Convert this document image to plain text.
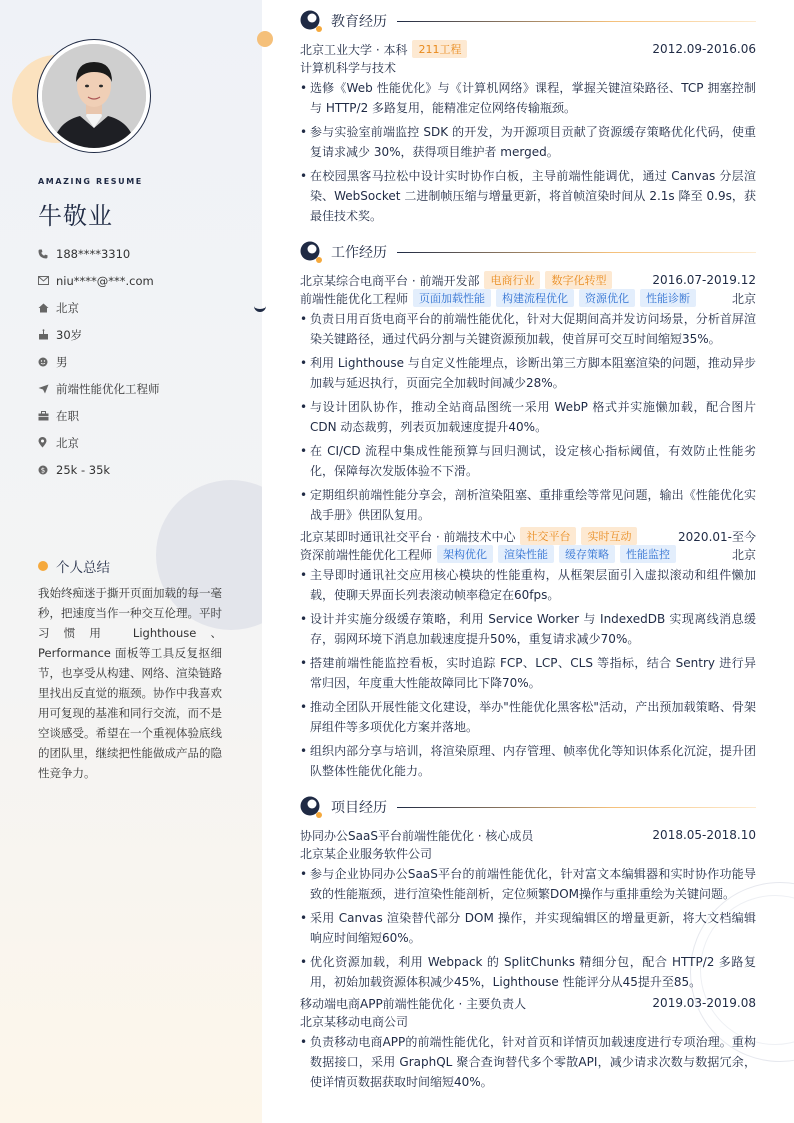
AMAZING RESUME
牛敬业
188****3310
niu****@***.com
北京
30岁
男
前端性能优化工程师
在职
北京
$ 25k - 35k
个人总结
我始终痴迷于撕开页面加载的每一毫秒，把速度当作一种交互伦理。平时习惯用 Lighthouse、Performance 面板等工具反复抠细节，也享受从构建、网络、渲染链路里找出反直觉的瓶颈。协作中我喜欢用可复现的基准和同行交流，而不是空谈感受。希望在一个重视体验底线的团队里，继续把性能做成产品的隐性竞争力。
教育经历
北京工业大学 · 本科	211工程	2012.09-2016.06
计算机科学与技术
• 选修《Web 性能优化》与《计算机网络》课程，掌握关键渲染路径、TCP 拥塞控制与 HTTP/2 多路复用，能精准定位网络传输瓶颈。
• 参与实验室前端监控 SDK 的开发，为开源项目贡献了资源缓存策略优化代码，使重复请求减少 30%，获得项目维护者 merged。
• 在校园黑客马拉松中设计实时协作白板，主导前端性能调优，通过 Canvas 分层渲染、WebSocket 二进制帧压缩与增量更新，将首帧渲染时间从 2.1s 降至 0.9s，获最佳技术奖。
工作经历
北京某综合电商平台 · 前端开发部	电商行业	数字化转型	2016.07-2019.12
前端性能优化工程师	页面加载性能	构建流程优化	资源优化	性能诊断	北京
• 负责日用百货电商平台的前端性能优化，针对大促期间高并发访问场景，分析首屏渲染关键路径，通过代码分割与关键资源预加载，使首屏可交互时间缩短35%。
• 利用 Lighthouse 与自定义性能埋点，诊断出第三方脚本阻塞渲染的问题，推动异步加载与延迟执行，页面完全加载时间减少28%。
• 与设计团队协作，推动全站商品图统一采用 WebP 格式并实施懒加载，配合图片 CDN 动态裁剪，列表页加载速度提升40%。
• 在 CI/CD 流程中集成性能预算与回归测试，设定核心指标阈值，有效防止性能劣化，保障每次发版体验不下滑。
• 定期组织前端性能分享会，剖析渲染阻塞、重排重绘等常见问题，输出《性能优化实战手册》供团队复用。
北京某即时通讯社交平台 · 前端技术中心	社交平台	实时互动	2020.01-至今
资深前端性能优化工程师	架构优化	渲染性能	缓存策略	性能监控	北京
• 主导即时通讯社交应用核心模块的性能重构，从框架层面引入虚拟滚动和组件懒加载，使聊天界面长列表滚动帧率稳定在60fps。
• 设计并实施分级缓存策略，利用 Service Worker 与 IndexedDB 实现离线消息缓存，弱网环境下消息加载速度提升50%，重复请求减少70%。
• 搭建前端性能监控看板，实时追踪 FCP、LCP、CLS 等指标，结合 Sentry 进行异常归因，年度重大性能故障同比下降70%。
• 推动全团队开展性能文化建设，举办"性能优化黑客松"活动，产出预加载策略、骨架屏组件等多项优化方案并落地。
• 组织内部分享与培训，将渲染原理、内存管理、帧率优化等知识体系化沉淀，提升团队整体性能优化能力。
项目经历
协同办公SaaS平台前端性能优化 · 核心成员	2018.05-2018.10
北京某企业服务软件公司
• 参与企业协同办公SaaS平台的前端性能优化，针对富文本编辑器和实时协作功能导致的性能瓶颈，进行渲染性能剖析，定位频繁DOM操作与重排重绘为关键问题。
• 采用 Canvas 渲染替代部分 DOM 操作，并实现编辑区的增量更新，将大文档编辑响应时间缩短60%。
• 优化资源加载，利用 Webpack 的 SplitChunks 精细分包，配合 HTTP/2 多路复用，初始加载资源体积减少45%，Lighthouse 性能评分从45提升至85。
移动端电商APP前端性能优化 · 主要负责人	2019.03-2019.08
北京某移动电商公司
• 负责移动电商APP的前端性能优化，针对首页和详情页加载速度进行专项治理。重构数据接口，采用 GraphQL 聚合查询替代多个零散API，减少请求次数与数据冗余，使详情页数据获取时间缩短40%。
